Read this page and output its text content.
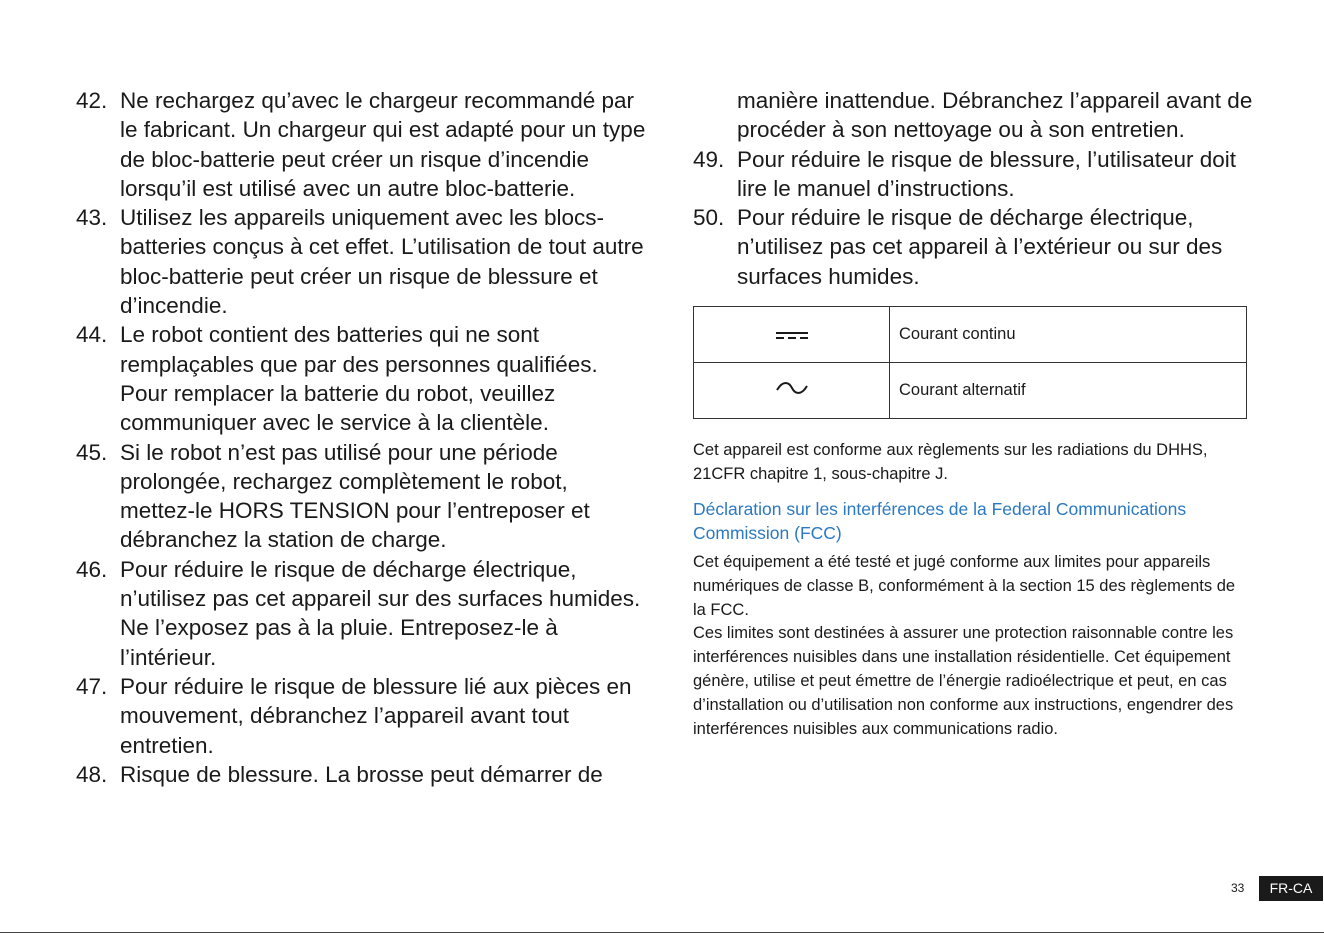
42. Ne rechargez qu’avec le chargeur recommandé par le fabricant. Un chargeur qui est adapté pour un type de bloc-batterie peut créer un risque d’incendie lorsqu’il est utilisé avec un autre bloc-batterie.
43. Utilisez les appareils uniquement avec les blocs-batteries conçus à cet effet. L’utilisation de tout autre bloc-batterie peut créer un risque de blessure et d’incendie.
44. Le robot contient des batteries qui ne sont remplaçables que par des personnes qualifiées. Pour remplacer la batterie du robot, veuillez communiquer avec le service à la clientèle.
45. Si le robot n’est pas utilisé pour une période prolongée, rechargez complètement le robot, mettez-le HORS TENSION pour l’entreposer et débranchez la station de charge.
46. Pour réduire le risque de décharge électrique, n’utilisez pas cet appareil sur des surfaces humides. Ne l’exposez pas à la pluie. Entreposez-le à l’intérieur.
47. Pour réduire le risque de blessure lié aux pièces en mouvement, débranchez l’appareil avant tout entretien.
48. Risque de blessure. La brosse peut démarrer de
manière inattendue. Débranchez l’appareil avant de procéder à son nettoyage ou à son entretien.
49. Pour réduire le risque de blessure, l’utilisateur doit lire le manuel d’instructions.
50. Pour réduire le risque de décharge électrique, n’utilisez pas cet appareil à l’extérieur ou sur des surfaces humides.
	Courant continu
	Courant alternatif
Cet appareil est conforme aux règlements sur les radiations du DHHS, 21CFR chapitre 1, sous-chapitre J.
Déclaration sur les interférences de la Federal Communications Commission (FCC)
Cet équipement a été testé et jugé conforme aux limites pour appareils numériques de classe B, conformément à la section 15 des règlements de la FCC.
Ces limites sont destinées à assurer une protection raisonnable contre les interférences nuisibles dans une installation résidentielle. Cet équipement génère, utilise et peut émettre de l’énergie radioélectrique et peut, en cas d’installation ou d’utilisation non conforme aux instructions, engendrer des interférences nuisibles aux communications radio.
33	FR-CA
